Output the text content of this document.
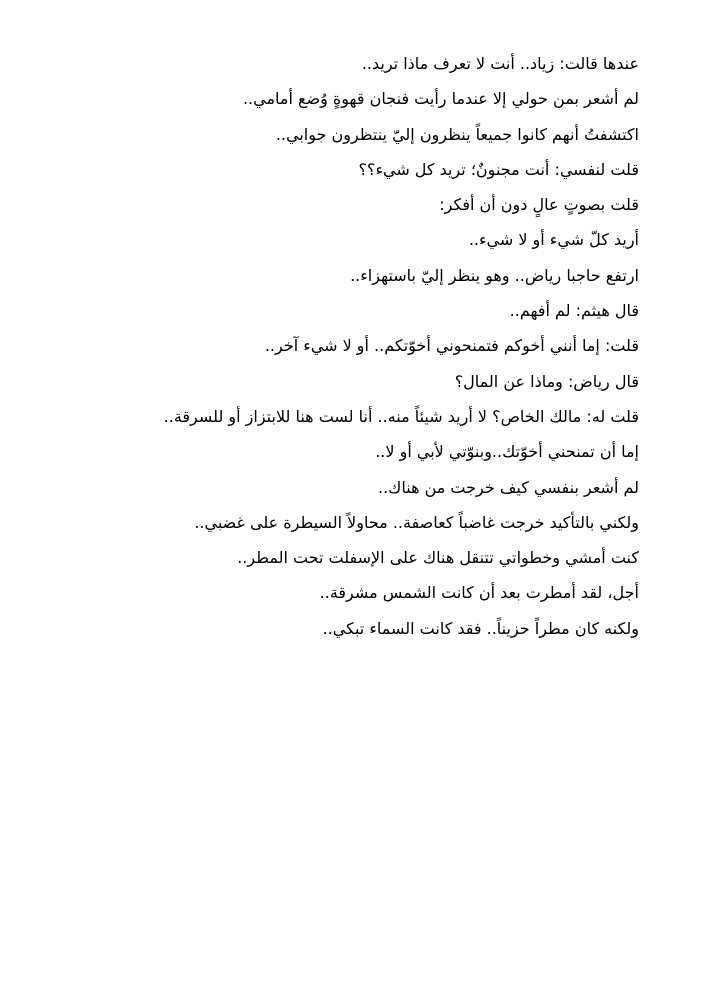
عندها قالت: زياد.. أنت لا تعرف ماذا تريد..
لم أشعر بمن حولي إلا عندما رأيت فنجان قهوةٍ وُضع أمامي..
اكتشفتُ أنهم كانوا جميعاً ينظرون إليّ ينتظرون جوابي..
قلت لنفسي: أنت مجنونٌ؛ تريد كل شيء؟؟
قلت بصوتٍ عالٍ دون أن أفكر:
أريد كلّ شيء أو لا شيء..
ارتفع حاجبا رياض.. وهو ينظر إليّ باستهزاء..
قال هيثم: لم أفهم..
قلت: إما أنني أخوكم فتمنحوني أخوّتكم.. أو لا شيء آخر..
قال رياض: وماذا عن المال؟
قلت له: مالك الخاص؟ لا أريد شيئاً منه.. أنا لست هنا للابتزاز أو للسرقة..
إما أن تمنحني أخوّتك..وبنوّتي لأبي أو لا..
لم أشعر بنفسي كيف خرجت من هناك..
ولكني بالتأكيد خرجت غاضباً كعاصفة.. محاولاً السيطرة على غضبي..
كنت أمشي وخطواتي تتنقل هناك على الإسفلت تحت المطر..
أجل، لقد أمطرت بعد أن كانت الشمس مشرقة..
ولكنه كان مطراً حزيناً.. فقد كانت السماء تبكي..
